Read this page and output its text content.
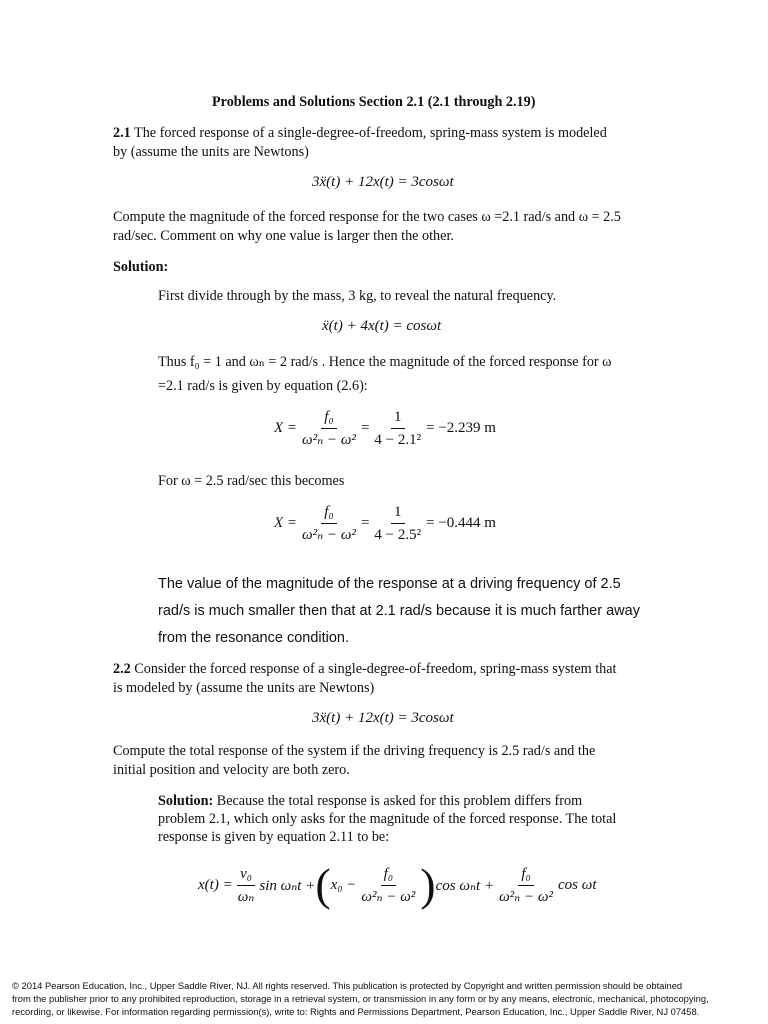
Problems and Solutions Section 2.1 (2.1 through 2.19)
2.1 The forced response of a single-degree-of-freedom, spring-mass system is modeled
by (assume the units are Newtons)
3ẍ(t) + 12x(t) = 3cosωt
Compute the magnitude of the forced response for the two cases ω =2.1 rad/s and ω = 2.5
rad/sec. Comment on why one value is larger then the other.
Solution:
First divide through by the mass, 3 kg, to reveal the natural frequency.
ẍ(t) + 4x(t) = cosωt
Thus f₀ = 1 and ωₙ = 2 rad/s . Hence the magnitude of the forced response for ω
=2.1 rad/s is given by equation (2.6):
$X = \frac{\text{f₀}}{\text{ω²ₙ − ω²}} = \frac{1}{\text{4 − 2.1²}} = -2.239$ m
For ω = 2.5 rad/sec this becomes
$X = \frac{\text{f₀}}{\text{ω²ₙ − ω²}} = \frac{1}{\text{4 − 2.5²}} = -0.444$ m
The value of the magnitude of the response at a driving frequency of 2.5
rad/s is much smaller then that at 2.1 rad/s because it is much farther away
from the resonance condition.
2.2 Consider the forced response of a single-degree-of-freedom, spring-mass system that
is modeled by (assume the units are Newtons)
3ẍ(t) + 12x(t) = 3cosωt
Compute the total response of the system if the driving frequency is 2.5 rad/s and the
initial position and velocity are both zero.
Solution: Because the total response is asked for this problem differs from
problem 2.1, which only asks for the magnitude of the forced response. The total
response is given by equation 2.11 to be:
$x(t) = \frac{\text{v₀}}{\text{ωₙ}}$ sin ωₙt + ( $x_0 - \frac{\text{f₀}}{\text{ω²ₙ − ω²}}$ ) $\cos \omega_nt + \frac{\text{f₀}}{\text{ω²ₙ − ω²}}$ cos ωt
© 2014 Pearson Education, Inc., Upper Saddle River, NJ. All rights reserved. This publication is protected by Copyright and written permission should be obtained
from the publisher prior to any prohibited reproduction, storage in a retrieval system, or transmission in any form or by any means, electronic, mechanical, photocopying,
recording, or likewise. For information regarding permission(s), write to: Rights and Permissions Department, Pearson Education, Inc., Upper Saddle River, NJ 07458.
